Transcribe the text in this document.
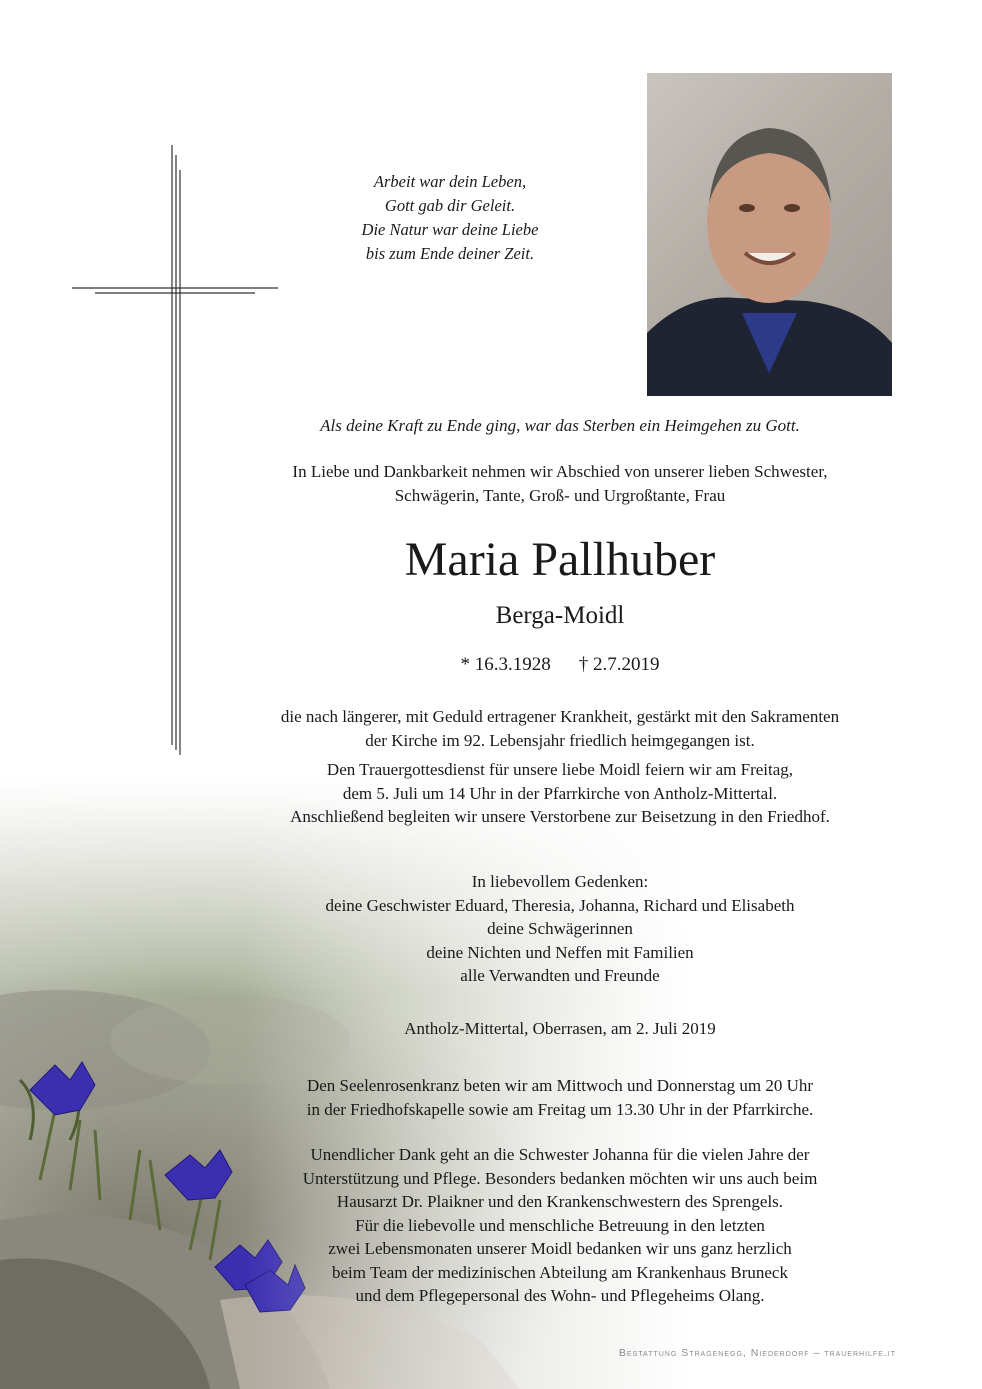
Arbeit war dein Leben,

Gott gab dir Geleit.

Die Natur war deine Liebe

bis zum Ende deiner Zeit.

Als deine Kraft zu Ende ging, war das Sterben ein Heimgehen zu Gott.

In Liebe und Dankbarkeit nehmen wir Abschied von unserer lieben Schwester,

Schwägerin, Tante, Groß- und Urgroßtante, Frau

Maria Pallhuber
Berga-Moidl
* 16.3.1928 † 2.7.2019

die nach längerer, mit Geduld ertragener Krankheit, gestärkt mit den Sakramenten

der Kirche im 92. Lebensjahr friedlich heimgegangen ist.

Den Trauergottesdienst für unsere liebe Moidl feiern wir am Freitag,

dem 5. Juli um 14 Uhr in der Pfarrkirche von Antholz-Mittertal.

Anschließend begleiten wir unsere Verstorbene zur Beisetzung in den Friedhof.

In liebevollem Gedenken:

deine Geschwister Eduard, Theresia, Johanna, Richard und Elisabeth

deine Schwägerinnen

deine Nichten und Neffen mit Familien

alle Verwandten und Freunde

Antholz-Mittertal, Oberrasen, am 2. Juli 2019

Den Seelenrosenkranz beten wir am Mittwoch und Donnerstag um 20 Uhr

in der Friedhofskapelle sowie am Freitag um 13.30 Uhr in der Pfarrkirche.

Unendlicher Dank geht an die Schwester Johanna für die vielen Jahre der

Unterstützung und Pflege. Besonders bedanken möchten wir uns auch beim

Hausarzt Dr. Plaikner und den Krankenschwestern des Sprengels.

Für die liebevolle und menschliche Betreuung in den letzten

zwei Lebensmonaten unserer Moidl bedanken wir uns ganz herzlich

beim Team der medizinischen Abteilung am Krankenhaus Bruneck

und dem Pflegepersonal des Wohn- und Pflegeheims Olang.

Bestattung Stragenegg, Niederdorf – trauerhilfe.it
